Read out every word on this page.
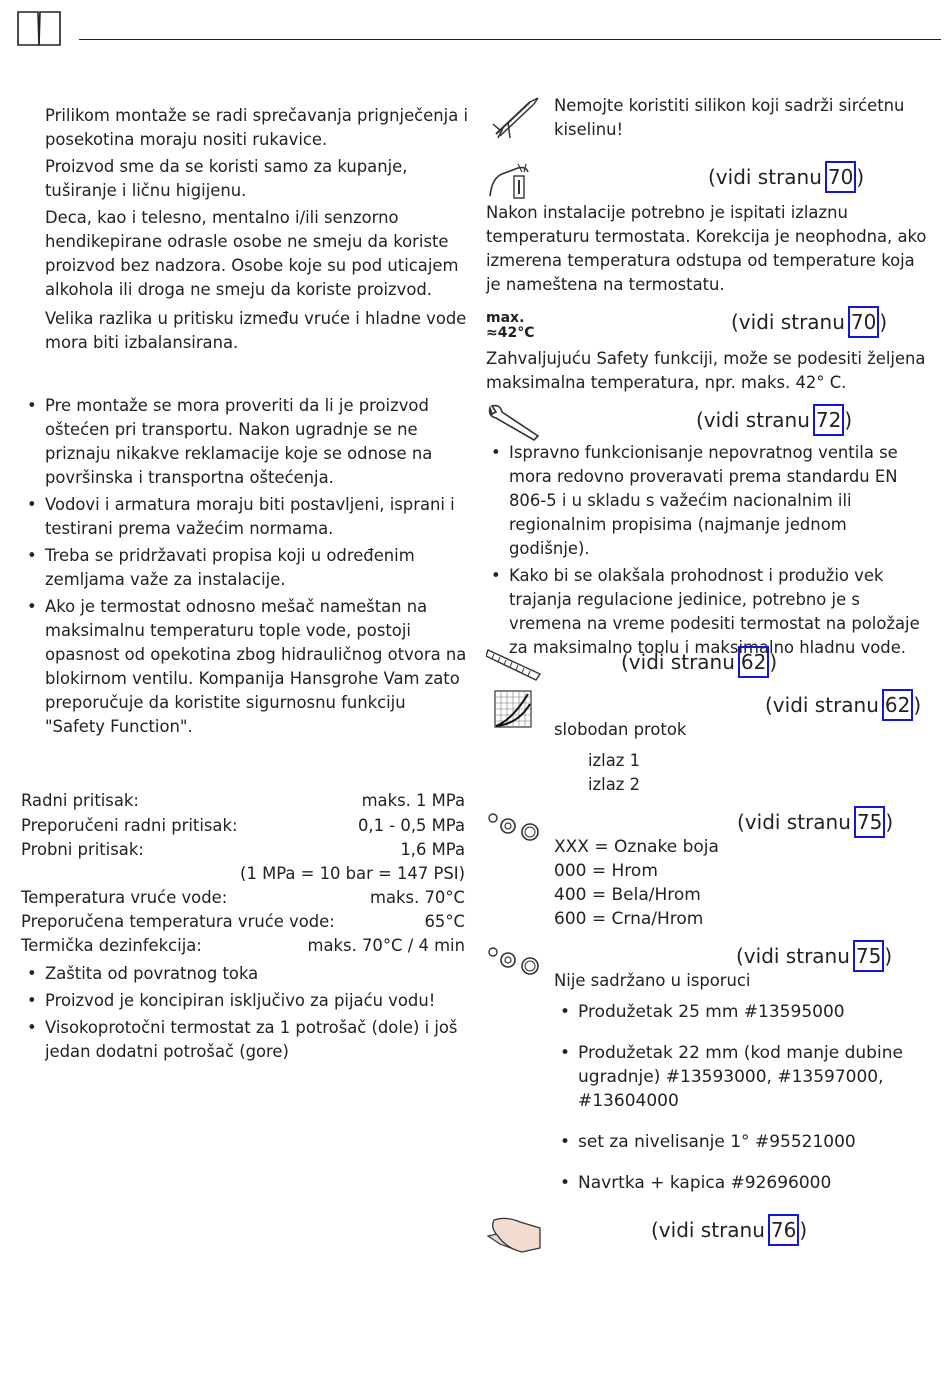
Prilikom montaže se radi sprečavanja prignječenja i posekotina moraju nositi rukavice.

Proizvod sme da se koristi samo za kupanje, tuširanje i ličnu higijenu.

Deca, kao i telesno, mentalno i/ili senzorno hendikepirane odrasle osobe ne smeju da koriste proizvod bez nadzora. Osobe koje su pod uticajem alkohola ili droga ne smeju da koriste proizvod.

Velika razlika u pritisku između vruće i hladne vode mora biti izbalansirana.

• Pre montaže se mora proveriti da li je proizvod oštećen pri transportu. Nakon ugradnje se ne priznaju nikakve reklamacije koje se odnose na površinska i transportna oštećenja.
• Vodovi i armatura moraju biti postavljeni, isprani i testirani prema važećim normama.
• Treba se pridržavati propisa koji u određenim zemljama važe za instalacije.
• Ako je termostat odnosno mešač nameštan na maksimalnu temperaturu tople vode, postoji opasnost od opekotina zbog hidrauličnog otvora na blokirnom ventilu. Kompanija Hansgrohe Vam zato preporučuje da koristite sigurnosnu funkciju "Safety Function".
Radni pritisak:	maks. 1 MPa
Preporučeni radni pritisak:	0,1 - 0,5 MPa
Probni pritisak:	1,6 MPa
(1 MPa = 10 bar = 147 PSI)
Temperatura vruće vode:	maks. 70°C
Preporučena temperatura vruće vode:	65°C
Termička dezinfekcija:	maks. 70°C / 4 min
• Zaštita od povratnog toka
• Proizvod je koncipiran isključivo za pijaću vodu!
• Visokoprotočni termostat za 1 potrošač (dole) i još jedan dodatni potrošač (gore)

Nemojte koristiti silikon koji sadrži sirćetnu kiselinu!

(vidi stranu 70 )

Nakon instalacije potrebno je ispitati izlaznu temperaturu termostata. Korekcija je neophodna, ako izmerena temperatura odstupa od temperature koja je nameštena na termostatu.

max.
≈42°C	(vidi stranu 70 )

Zahvaljujuću Safety funkciji, može se podesiti željena maksimalna temperatura, npr. maks. 42° C.

(vidi stranu 72 )
• Ispravno funkcionisanje nepovratnog ventila se mora redovno proveravati prema standardu EN 806-5 i u skladu s važećim nacionalnim ili regionalnim propisima (najmanje jednom godišnje).
• Kako bi se olakšala prohodnost i produžio vek trajanja regulacione jedinice, potrebno je s vremena na vreme podesiti termostat na položaje za maksimalno toplu i maksimalno hladnu vode.
(vidi stranu 62 )
(vidi stranu 62 )
slobodan protok
izlaz 1
izlaz 2
(vidi stranu 75 )
XXX = Oznake boja
000 = Hrom
400 = Bela/Hrom
600 = Crna/Hrom
(vidi stranu 75 )
Nije sadržano u isporuci
• Produžetak 25 mm #13595000
• Produžetak 22 mm (kod manje dubine ugradnje) #13593000, #13597000, #13604000
• set za nivelisanje 1° #95521000
• Navrtka + kapica #92696000
(vidi stranu 76 )
